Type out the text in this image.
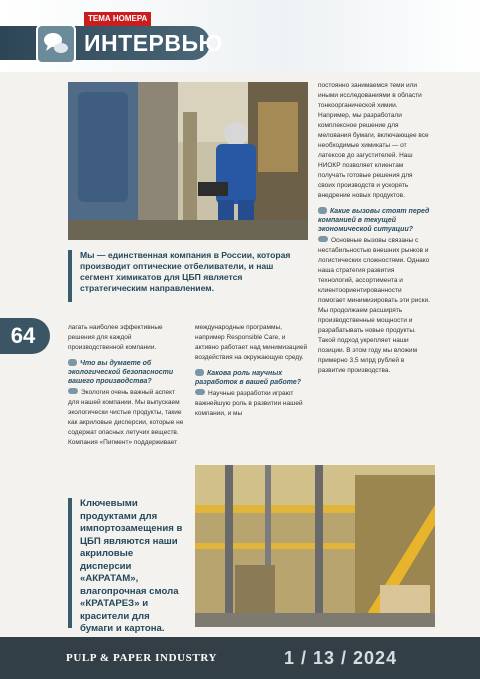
ТЕМА НОМЕРА
ИНТЕРВЬЮ
Мы — единственная компания в России, которая производит оптические отбеливатели, и наш сегмент химикатов для ЦБП является стратегическим направлением.
64

постоянно занимаемся теми или иными исследованиями в области тонкоорганической химии. Например, мы разработали комплексное решение для мелования бумаги, включающее все необходимые химикаты — от латексов до загустителей. Наш НИОКР позволяет клиентам получать готовые решения для своих производств и ускорять внедрение новых продуктов.

Какие вызовы стоят перед компанией в текущей экономической ситуации?

Основные вызовы связаны с нестабильностью внешних рынков и логистических сложностями. Однако наша стратегия развития технологий, ассортимента и клиентоориентированности помогает минимизировать эти риски. Мы продолжаем расширять производственные мощности и разрабатывать новые продукты. Такой подход укрепляет наши позиции. В этом году мы вложим примерно 3,5 млрд рублей в развитие производства.

лагать наиболее эффективные решения для каждой производственной компании.

Что вы думаете об экологической безопасности вашего производства?

Экология очень важный аспект для нашей компании. Мы выпускаем экологически чистые продукты, такие как акриловые дисперсии, которые не содержат опасных летучих веществ. Компания «Пигмент» поддерживает

международные программы, например Responsible Care, и активно работает над минимизацией воздействия на окружающую среду.

Какова роль научных разработок в вашей работе?

Научные разработки играют важнейшую роль в развитии нашей компании, и мы

Ключевыми продуктами для импортозамещения в ЦБП являются наши акриловые дисперсии «АКРАТАМ», влагопрочная смола «КРАТАРЕЗ» и красители для бумаги и картона.
PULP & PAPER INDUSTRY	1 / 13 / 2024
